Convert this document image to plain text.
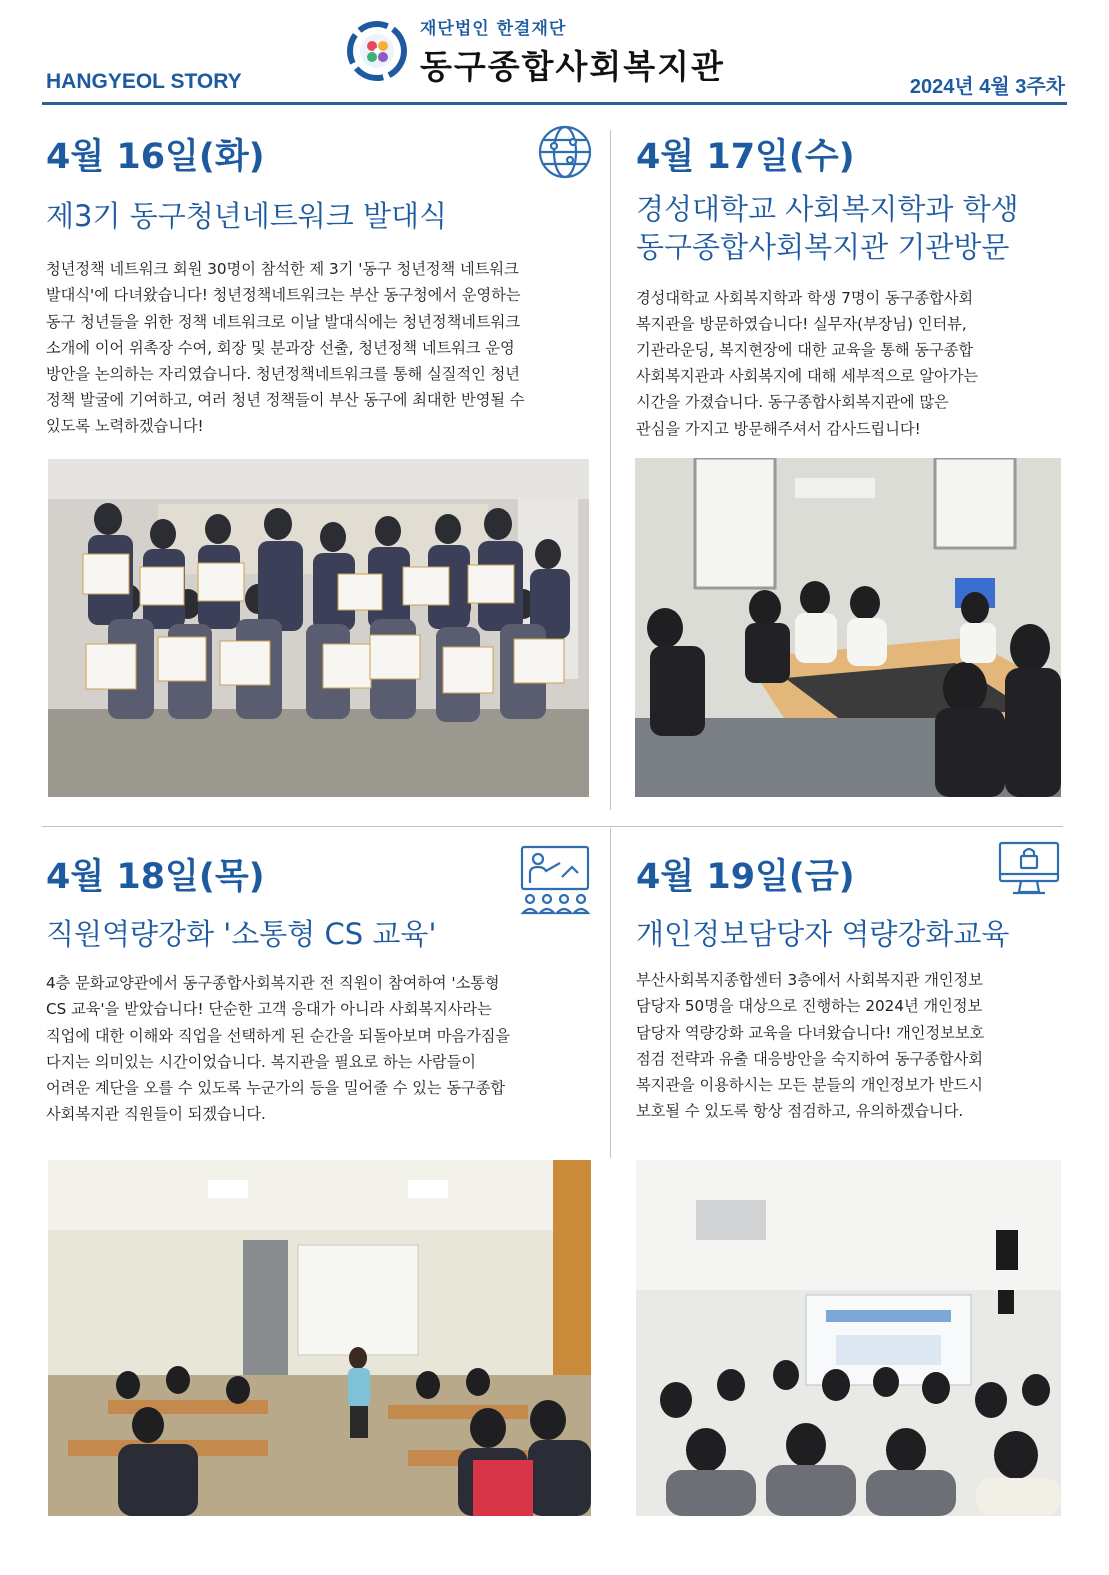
HANGYEOL STORY
재단법인 한결재단
동구종합사회복지관
2024년 4월 3주차
4월 16일(화)
제3기 동구청년네트워크 발대식
청년정책 네트워크 회원 30명이 참석한 제 3기 '동구 청년정책 네트워크
발대식'에 다녀왔습니다! 청년정책네트워크는 부산 동구청에서 운영하는
동구 청년들을 위한 정책 네트워크로 이날 발대식에는 청년정책네트워크
소개에 이어 위촉장 수여, 회장 및 분과장 선출, 청년정책 네트워크 운영
방안을 논의하는 자리였습니다. 청년정책네트워크를 통해 실질적인 청년
정책 발굴에 기여하고, 여러 청년 정책들이 부산 동구에 최대한 반영될 수
있도록 노력하겠습니다!
4월 17일(수)
경성대학교 사회복지학과 학생
동구종합사회복지관 기관방문
경성대학교 사회복지학과 학생 7명이 동구종합사회
복지관을 방문하였습니다! 실무자(부장님) 인터뷰,
기관라운딩, 복지현장에 대한 교육을 통해 동구종합
사회복지관과 사회복지에 대해 세부적으로 알아가는
시간을 가졌습니다. 동구종합사회복지관에 많은
관심을 가지고 방문해주셔서 감사드립니다!
4월 18일(목)
직원역량강화 '소통형 CS 교육'
4층 문화교양관에서 동구종합사회복지관 전 직원이 참여하여 '소통형
CS 교육'을 받았습니다! 단순한 고객 응대가 아니라 사회복지사라는
직업에 대한 이해와 직업을 선택하게 된 순간을 되돌아보며 마음가짐을
다지는 의미있는 시간이었습니다. 복지관을 필요로 하는 사람들이
어려운 계단을 오를 수 있도록 누군가의 등을 밀어줄 수 있는 동구종합
사회복지관 직원들이 되겠습니다.
4월 19일(금)
개인정보담당자 역량강화교육
부산사회복지종합센터 3층에서 사회복지관 개인정보
담당자 50명을 대상으로 진행하는 2024년 개인정보
담당자 역량강화 교육을 다녀왔습니다! 개인정보보호
점검 전략과 유출 대응방안을 숙지하여 동구종합사회
복지관을 이용하시는 모든 분들의 개인정보가 반드시
보호될 수 있도록 항상 점검하고, 유의하겠습니다.
